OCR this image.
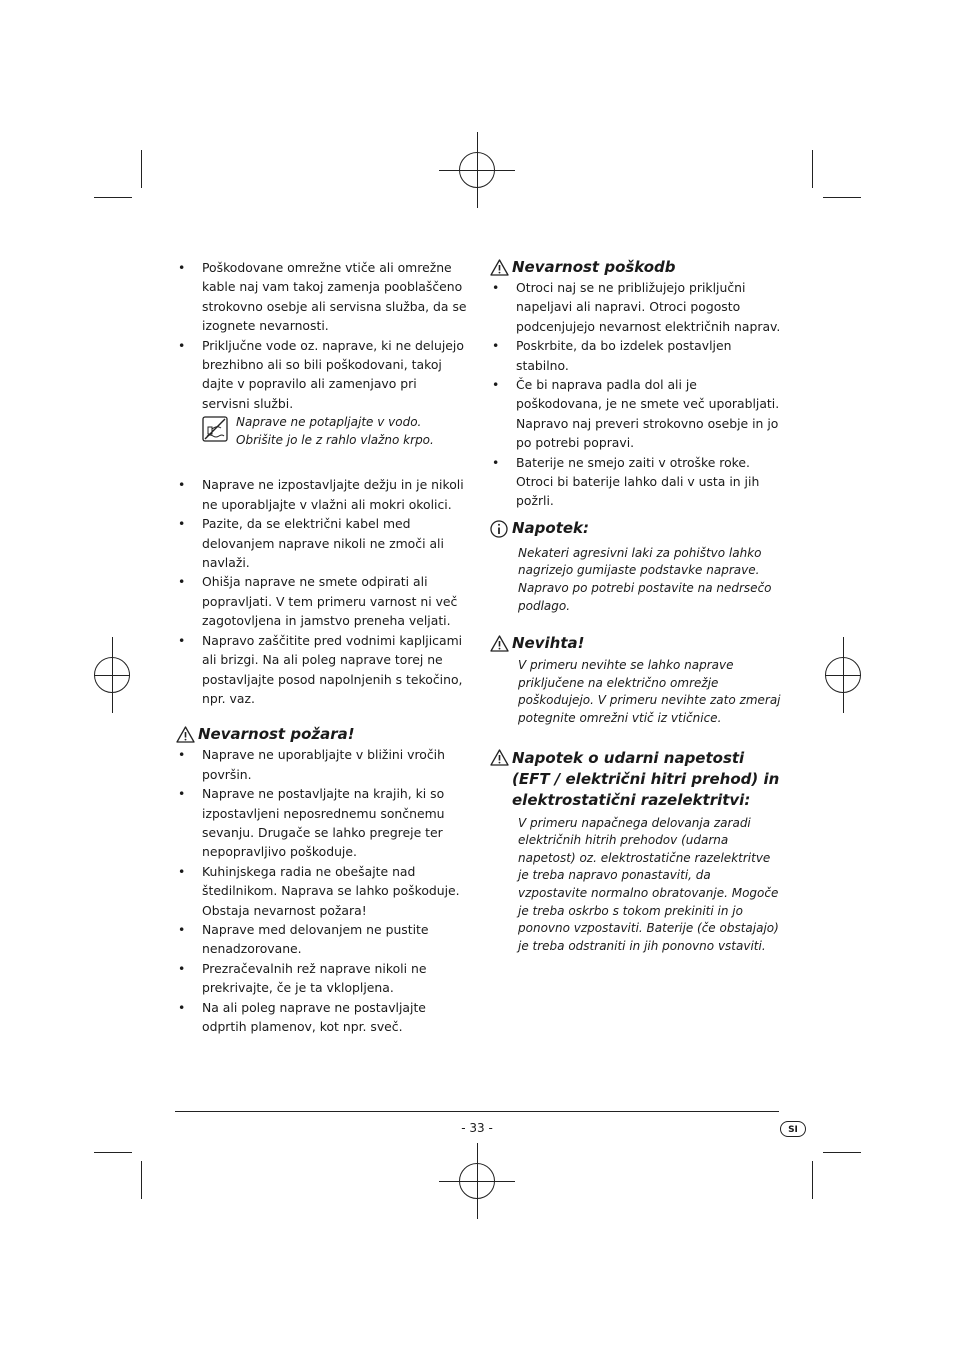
• Poškodovane omrežne vtiče ali omrežne kable naj vam takoj zamenja pooblaščeno strokovno osebje ali servisna služba, da se izognete nevarnosti.
• Priključne vode oz. naprave, ki ne delujejo brezhibno ali so bili poškodovani, takoj dajte v popravilo ali zamenjavo pri servisni službi.
Naprave ne potapljajte v vodo. Obrišite jo le z rahlo vlažno krpo.
• Naprave ne izpostavljajte dežju in je nikoli ne uporabljajte v vlažni ali mokri okolici.
• Pazite, da se električni kabel med delovanjem naprave nikoli ne zmoči ali navlaži.
• Ohišja naprave ne smete odpirati ali popravljati. V tem primeru varnost ni več zagotovljena in jamstvo preneha veljati.
• Napravo zaščitite pred vodnimi kapljicami ali brizgi. Na ali poleg naprave torej ne postavljajte posod napolnjenih s tekočino, npr. vaz.
Nevarnost požara!
• Naprave ne uporabljajte v bližini vročih površin.
• Naprave ne postavljajte na krajih, ki so izpostavljeni neposrednemu sončnemu sevanju. Drugače se lahko pregreje ter nepopravljivo poškoduje.
• Kuhinjskega radia ne obešajte nad štedilnikom. Naprava se lahko poškoduje. Obstaja nevarnost požara!
• Naprave med delovanjem ne pustite nenadzorovane.
• Prezračevalnih rež naprave nikoli ne prekrivajte, če je ta vklopljena.
• Na ali poleg naprave ne postavljajte odprtih plamenov, kot npr. sveč.
Nevarnost poškodb
• Otroci naj se ne približujejo priključni napeljavi ali napravi. Otroci pogosto podcenjujejo nevarnost električnih naprav.
• Poskrbite, da bo izdelek postavljen stabilno.
• Če bi naprava padla dol ali je poškodovana, je ne smete več uporabljati. Napravo naj preveri strokovno osebje in jo po potrebi popravi.
• Baterije ne smejo zaiti v otroške roke. Otroci bi baterije lahko dali v usta in jih požrli.
Napotek:
Nekateri agresivni laki za pohištvo lahko nagrizejo gumijaste podstavke naprave. Napravo po potrebi postavite na nedrsečo podlago.
Nevihta!
V primeru nevihte se lahko naprave priključene na električno omrežje poškodujejo. V primeru nevihte zato zmeraj potegnite omrežni vtič iz vtičnice.
Napotek o udarni napetosti (EFT / električni hitri prehod) in elektrostatični razelektritvi:
V primeru napačnega delovanja zaradi električnih hitrih prehodov (udarna napetost) oz. elektrostatične razelektritve je treba napravo ponastaviti, da vzpostavite normalno obratovanje. Mogoče je treba oskrbo s tokom prekiniti in jo ponovno vzpostaviti. Baterije (če obstajajo) je treba odstraniti in jih ponovno vstaviti.
- 33 -	SI
